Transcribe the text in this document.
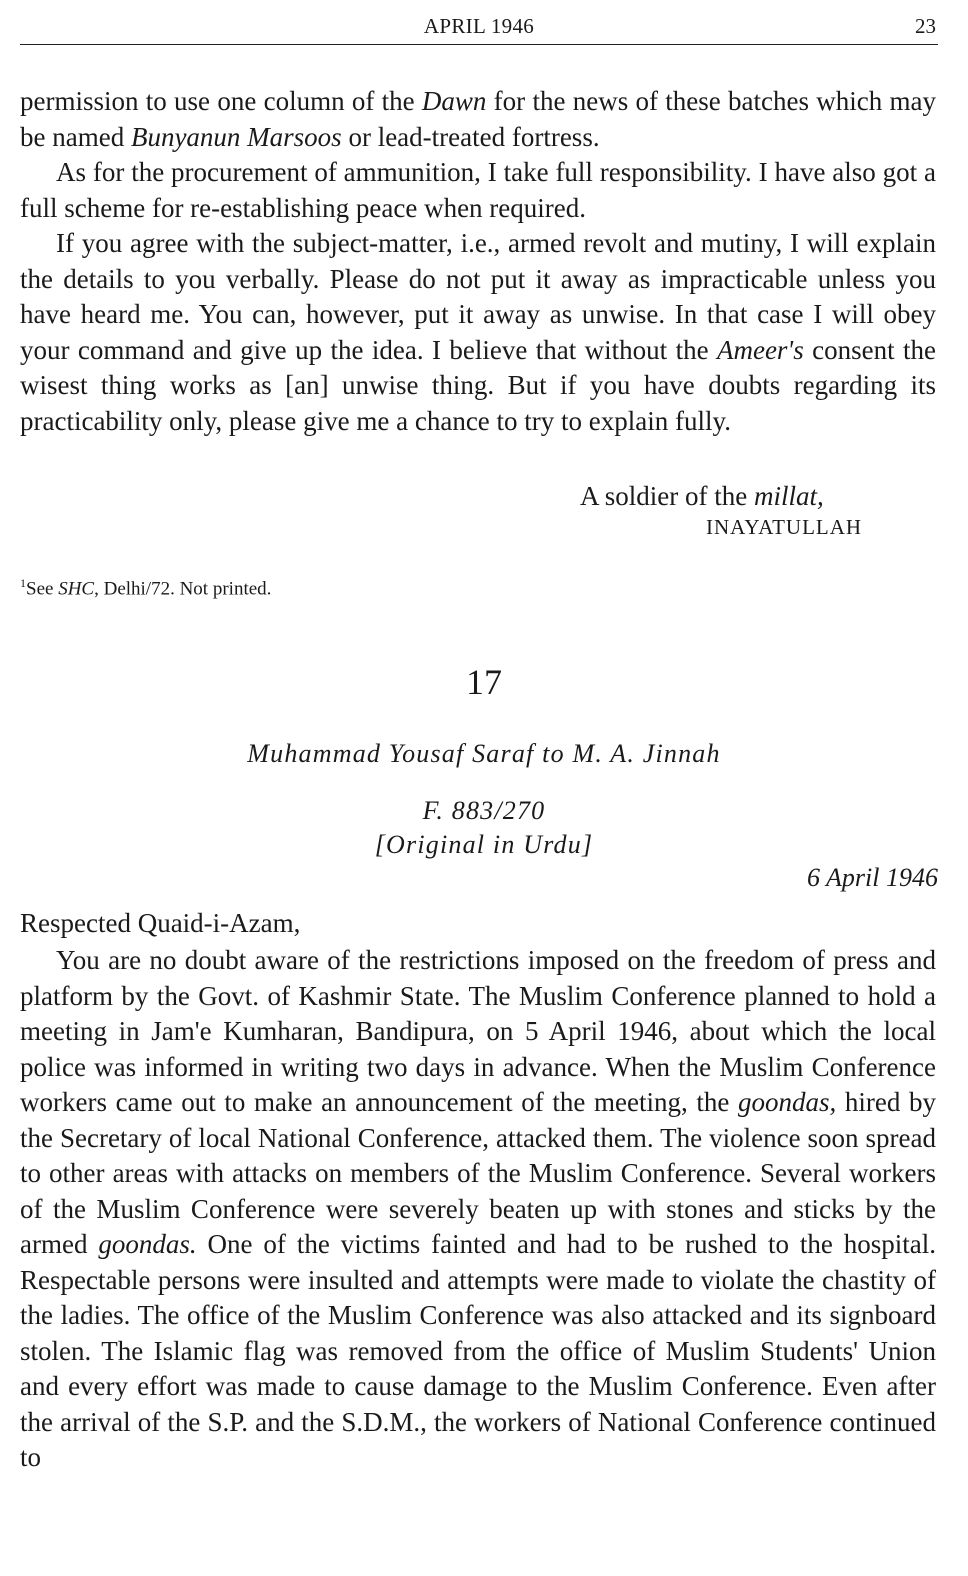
APRIL 1946	23

permission to use one column of the Dawn for the news of these batches which may be named Bunyanun Marsoos or lead-treated fortress.

As for the procurement of ammunition, I take full responsibility. I have also got a full scheme for re-establishing peace when required.

If you agree with the subject-matter, i.e., armed revolt and mutiny, I will explain the details to you verbally. Please do not put it away as impracticable unless you have heard me. You can, however, put it away as unwise. In that case I will obey your command and give up the idea. I believe that without the Ameer's consent the wisest thing works as [an] unwise thing. But if you have doubts regarding its practicability only, please give me a chance to try to explain fully.

A soldier of the millat,
INAYATULLAH
$^1$See SHC, Delhi/72. Not printed.
17
Muhammad Yousaf Saraf to M. A. Jinnah
F. 883/270
[Original in Urdu]
6 April 1946
Respected Quaid-i-Azam,

You are no doubt aware of the restrictions imposed on the freedom of press and platform by the Govt. of Kashmir State. The Muslim Conference planned to hold a meeting in Jam'e Kumharan, Bandipura, on 5 April 1946, about which the local police was informed in writing two days in advance. When the Muslim Conference workers came out to make an announcement of the meeting, the goondas, hired by the Secretary of local National Conference, attacked them. The violence soon spread to other areas with attacks on members of the Muslim Conference. Several workers of the Muslim Conference were severely beaten up with stones and sticks by the armed goondas. One of the victims fainted and had to be rushed to the hospital. Respectable persons were insulted and attempts were made to violate the chastity of the ladies. The office of the Muslim Conference was also attacked and its signboard stolen. The Islamic flag was removed from the office of Muslim Students' Union and every effort was made to cause damage to the Muslim Conference. Even after the arrival of the S.P. and the S.D.M., the workers of National Conference continued to
